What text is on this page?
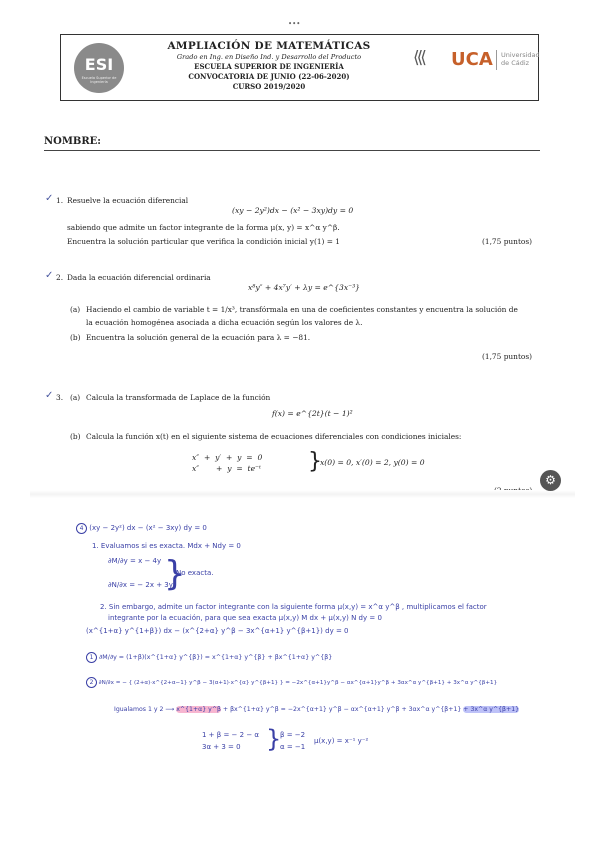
•••
ESI
Escuela Superior de Ingeniería
AMPLIACIÓN DE MATEMÁTICAS
Grado en Ing. en Diseño Ind. y Desarrollo del Producto
ESCUELA SUPERIOR DE INGENIERÍA
CONVOCATORIA DE JUNIO (22-06-2020)
CURSO 2019/2020
⟨⟨⟨ UCA Universidad
de Cádiz
NOMBRE:
✓ 1. Resuelve la ecuación diferencial
(xy − 2y²)dx − (x² − 3xy)dy = 0
sabiendo que admite un factor integrante de la forma μ(x, y) = x^α y^β.
Encuentra la solución particular que verifica la condición inicial y(1) = 1	(1,75 puntos)
✓ 2. Dada la ecuación diferencial ordinaria
x⁸y″ + 4x⁷y′ + λy = e^{3x⁻³}
(a) Haciendo el cambio de variable t = 1/x³, transfórmala en una de coeficientes constantes y encuentra la solución de
la ecuación homogénea asociada a dicha ecuación según los valores de λ.
(b) Encuentra la solución general de la ecuación para λ = −81.
(1,75 puntos)
✓ 3. (a) Calcula la transformada de Laplace de la función
f(x) = e^{2t}(t − 1)²
(b) Calcula la función x(t) en el siguiente sistema de ecuaciones diferenciales con condiciones iniciales:
x″  +  y′  +  y  =  0
x″       +  y  =  te⁻ᵗ }
x(0) = 0, x′(0) = 2, y(0) = 0
⚙
4 (xy − 2y²) dx − (x² − 3xy) dy = 0
1. Evaluamos si es exacta. Mdx + Ndy = 0
∂M/∂y = x − 4y
∂N/∂x = − 2x + 3y
}
No exacta.
2. Sin embargo, admite un factor integrante con la siguiente forma μ(x,y) = x^α y^β , multiplicamos el factor
integrante por la ecuación, para que sea exacta μ(x,y) M dx + μ(x,y) N dy = 0
(x^{1+α} y^{1+β}) dx − (x^{2+α} y^β − 3x^{α+1} y^{β+1}) dy = 0
1 ∂M/∂y = (1+β)(x^{1+α} y^{β}) = x^{1+α} y^{β} + βx^{1+α} y^{β}
2 ∂N/∂x = − { (2+α)·x^{2+α−1} y^β − 3(α+1)·x^{α} y^{β+1} } = −2x^{α+1}y^β − αx^{α+1}y^β + 3αx^α y^{β+1} + 3x^α y^{β+1}
Igualamos 1 y 2 ⟶ x^{1+α} y^β + βx^{1+α} y^β = −2x^{α+1} y^β − αx^{α+1} y^β + 3αx^α y^{β+1} + 3x^α y^{β+1}
1 + β = − 2 − α
3α + 3 = 0 }
β = −2
α = −1
μ(x,y) = x⁻¹ y⁻²
